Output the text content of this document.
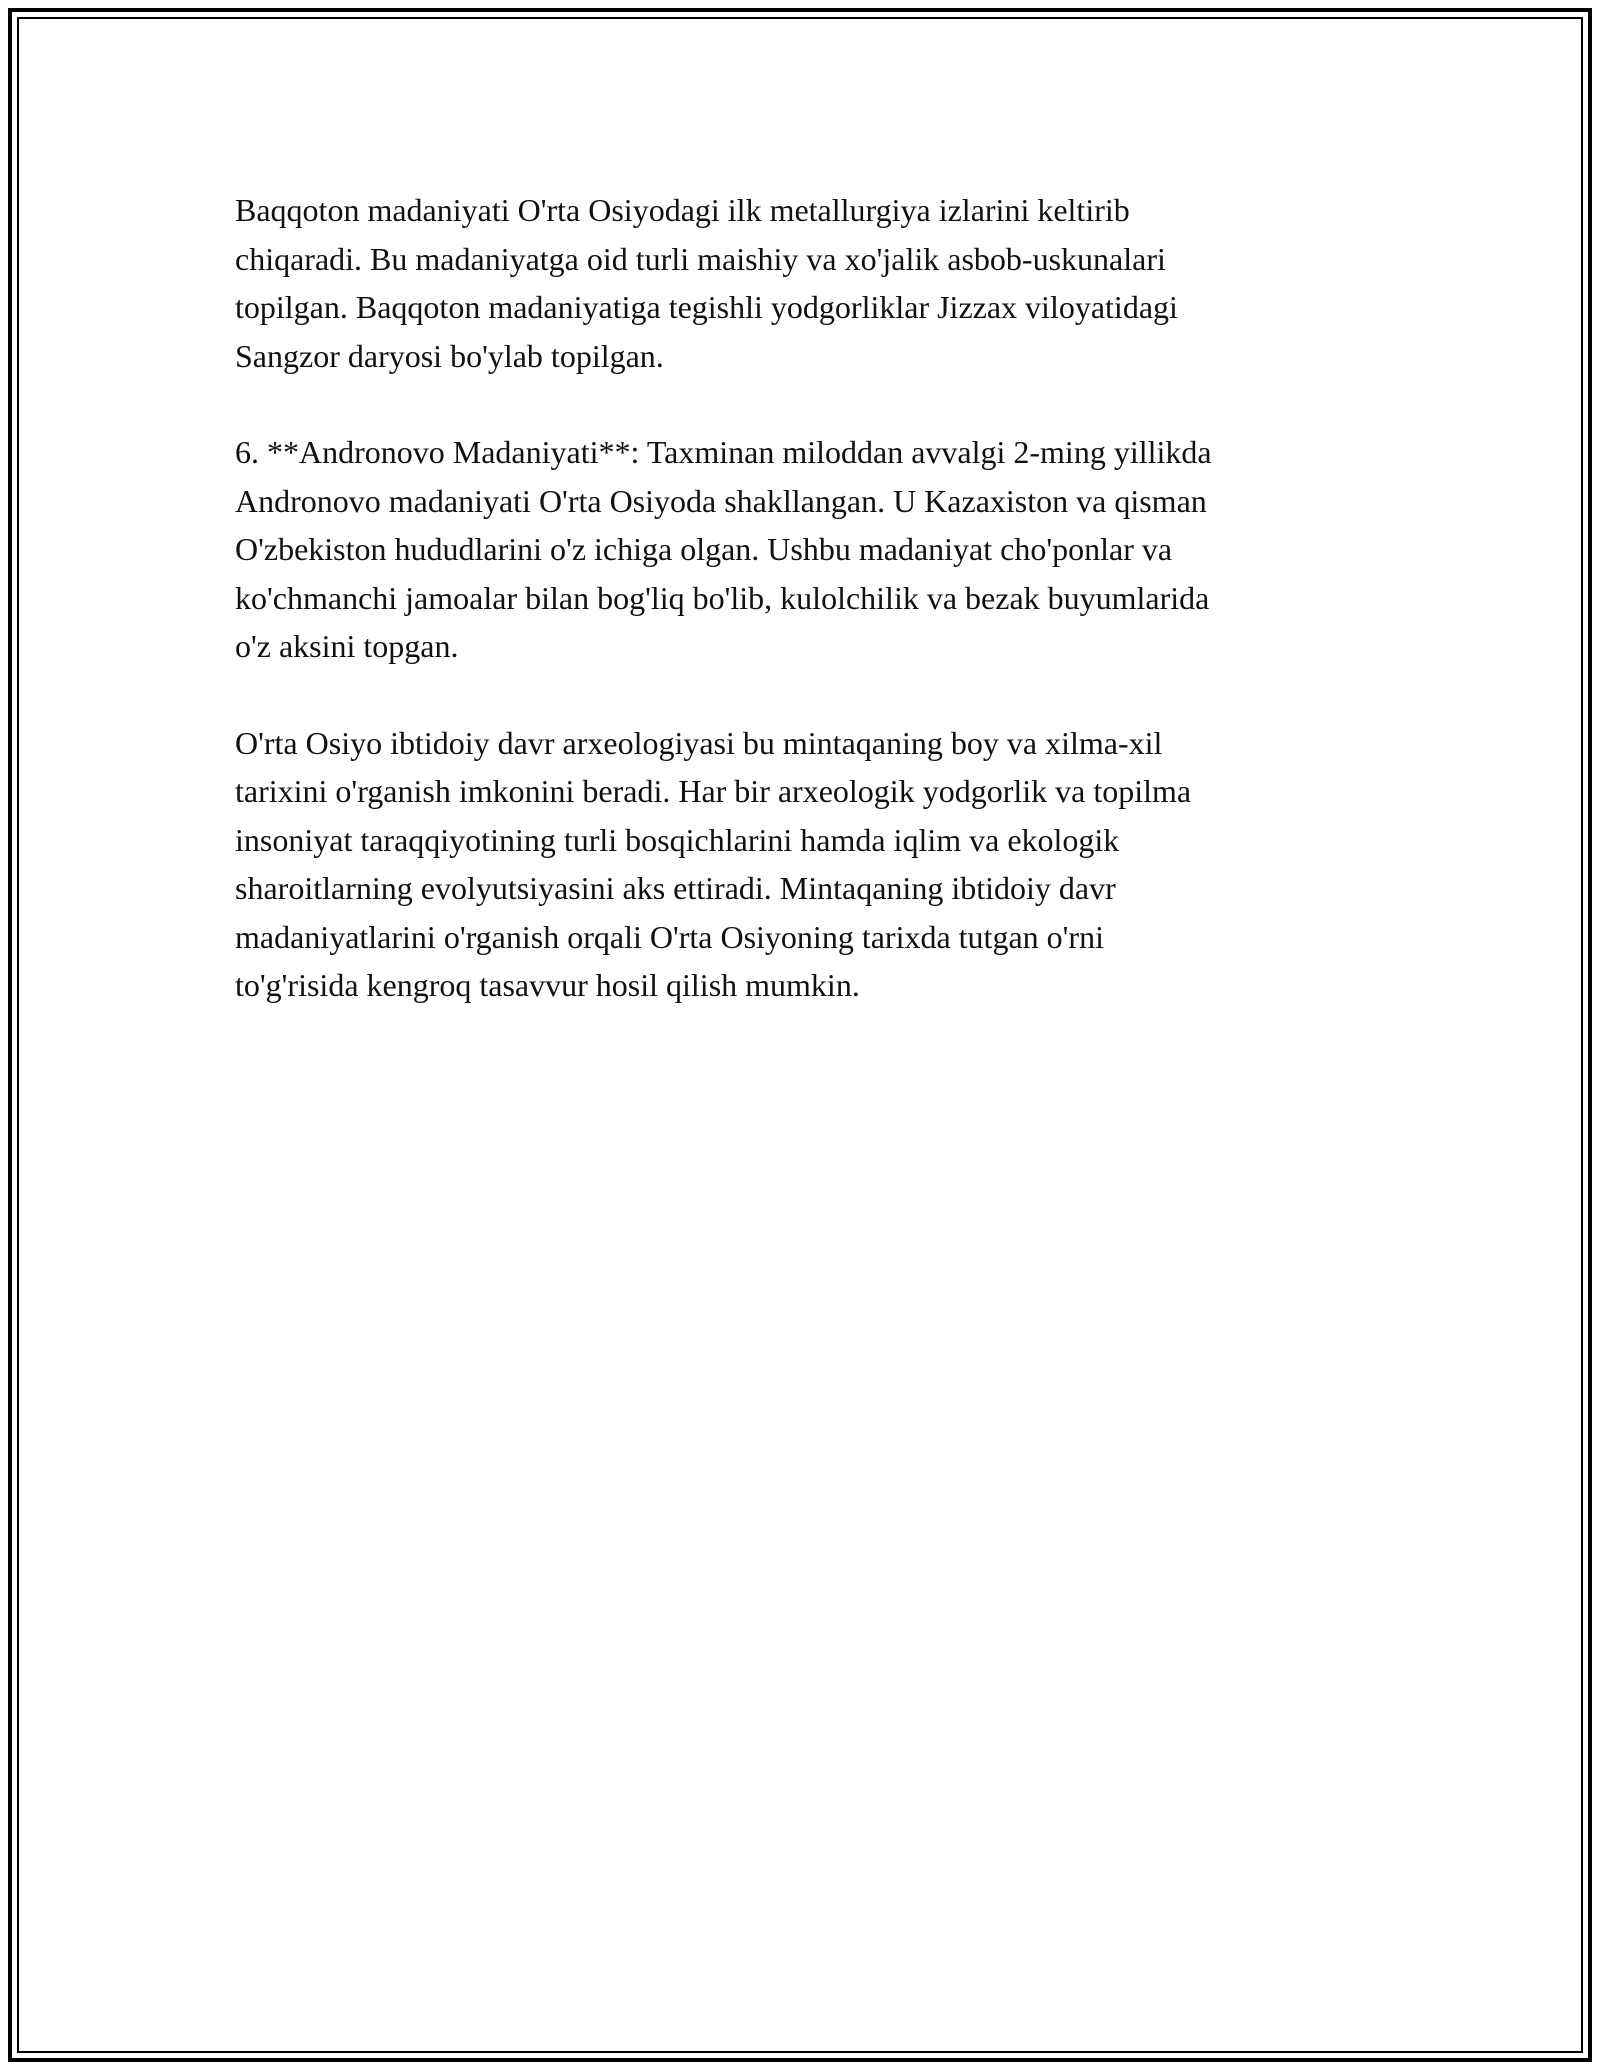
Baqqoton madaniyati O'rta Osiyodagi ilk metallurgiya izlarini keltirib
chiqaradi. Bu madaniyatga oid turli maishiy va xo'jalik asbob-uskunalari
topilgan. Baqqoton madaniyatiga tegishli yodgorliklar Jizzax viloyatidagi
Sangzor daryosi bo'ylab topilgan.

6. **Andronovo Madaniyati**: Taxminan miloddan avvalgi 2-ming yillikda
Andronovo madaniyati O'rta Osiyoda shakllangan. U Kazaxiston va qisman
O'zbekiston hududlarini o'z ichiga olgan. Ushbu madaniyat cho'ponlar va
ko'chmanchi jamoalar bilan bog'liq bo'lib, kulolchilik va bezak buyumlarida
o'z aksini topgan.

O'rta Osiyo ibtidoiy davr arxeologiyasi bu mintaqaning boy va xilma-xil
tarixini o'rganish imkonini beradi. Har bir arxeologik yodgorlik va topilma
insoniyat taraqqiyotining turli bosqichlarini hamda iqlim va ekologik
sharoitlarning evolyutsiyasini aks ettiradi. Mintaqaning ibtidoiy davr
madaniyatlarini o'rganish orqali O'rta Osiyoning tarixda tutgan o'rni
to'g'risida kengroq tasavvur hosil qilish mumkin.
